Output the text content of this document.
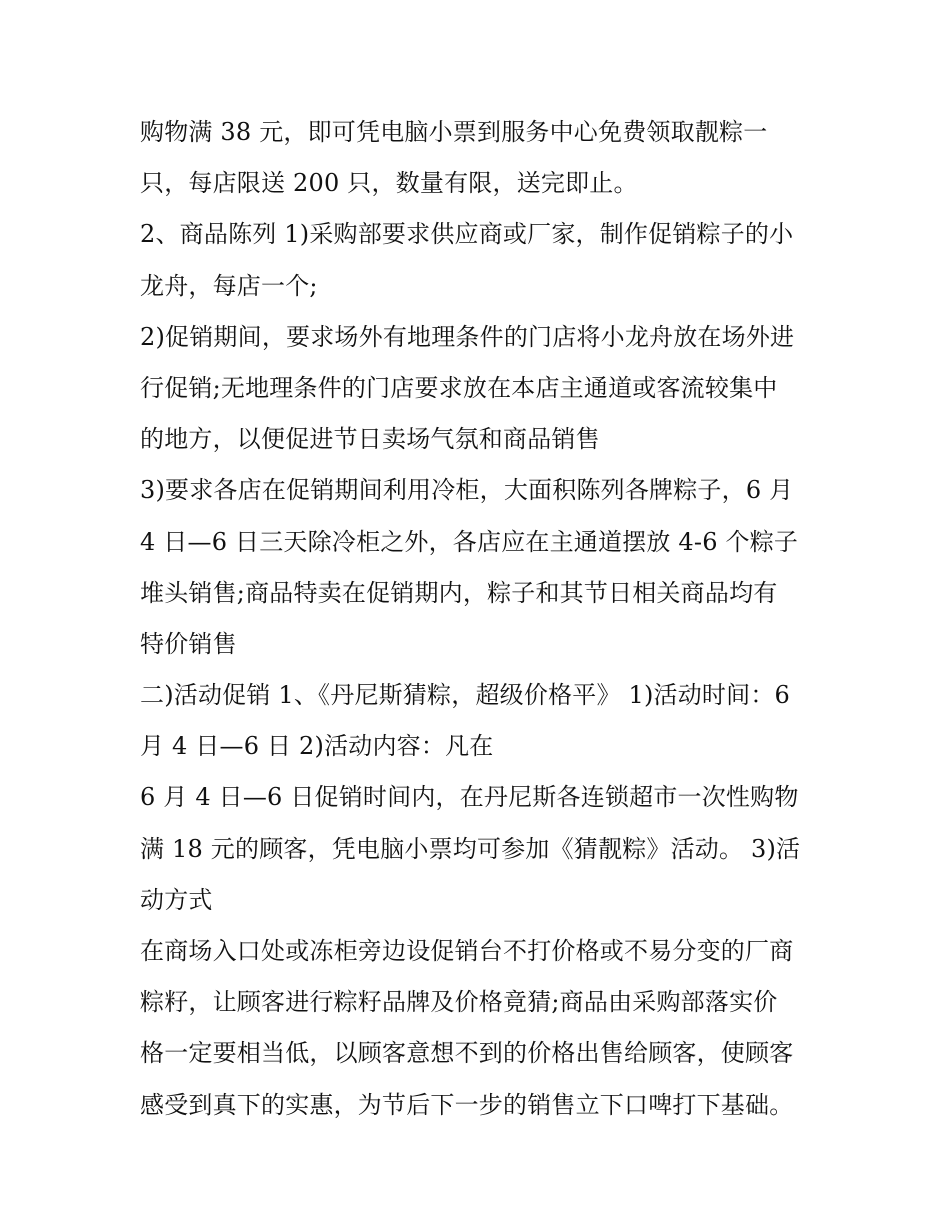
购物满 38 元，即可凭电脑小票到服务中心免费领取靓粽一
只，每店限送 200 只，数量有限，送完即止。
2、商品陈列 1)采购部要求供应商或厂家，制作促销粽子的小
龙舟，每店一个;
2)促销期间，要求场外有地理条件的门店将小龙舟放在场外进
行促销;无地理条件的门店要求放在本店主通道或客流较集中
的地方，以便促进节日卖场气氛和商品销售
3)要求各店在促销期间利用冷柜，大面积陈列各牌粽子，6 月
4 日—6 日三天除冷柜之外，各店应在主通道摆放 4-6 个粽子
堆头销售;商品特卖在促销期内，粽子和其节日相关商品均有
特价销售
二)活动促销 1、《丹尼斯猜粽，超级价格平》 1)活动时间：6
月 4 日—6 日 2)活动内容：凡在
6 月 4 日—6 日促销时间内，在丹尼斯各连锁超市一次性购物
满 18 元的顾客，凭电脑小票均可参加《猜靓粽》活动。 3)活
动方式
在商场入口处或冻柜旁边设促销台不打价格或不易分变的厂商
粽籽，让顾客进行粽籽品牌及价格竟猜;商品由采购部落实价
格一定要相当低，以顾客意想不到的价格出售给顾客，使顾客
感受到真下的实惠，为节后下一步的销售立下口啤打下基础。
